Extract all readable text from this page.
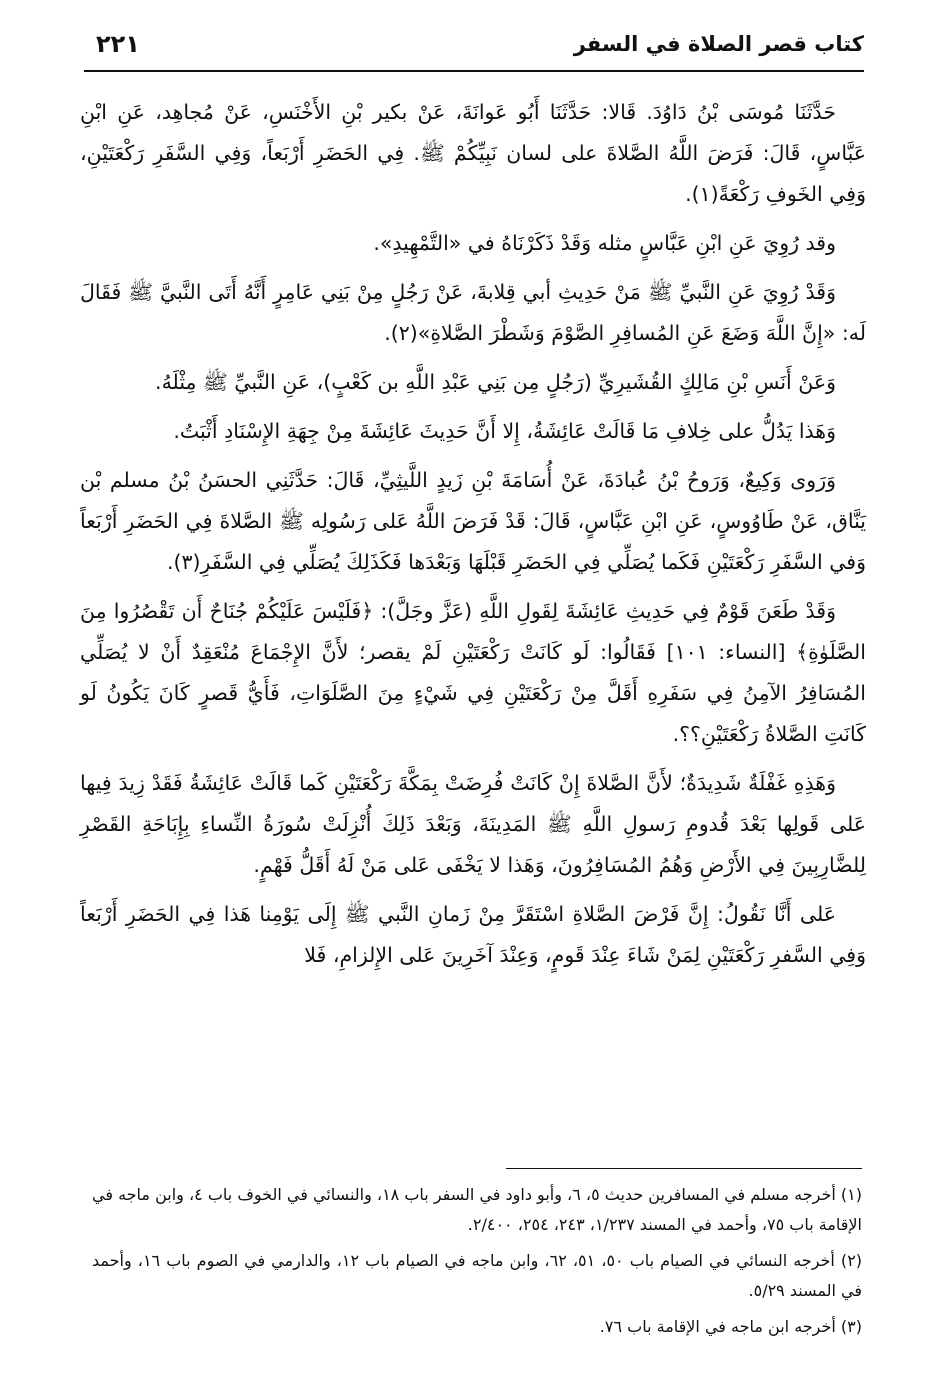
كتاب قصر الصلاة في السفر
٢٢١

حَدَّثَنَا مُوسَى بْنُ دَاوُدَ. قَالا: حَدَّثَنَا أَبُو عَوانَةَ، عَنْ بكير بْنِ الأَخْنَسِ، عَنْ مُجاهِد، عَنِ ابْنِ عَبَّاسٍ، قَالَ: فَرَضَ اللَّهُ الصَّلاةَ على لسان نَبِيِّكُمْ ﷺ. فِي الحَضَرِ أَرْبَعاً، وَفِي السَّفَرِ رَكْعَتَيْنِ، وَفِي الخَوفِ رَكْعَةً(١).

وقد رُوِيَ عَنِ ابْنِ عَبَّاسٍ مثله وَقَدْ ذَكَرْنَاهُ في «التَّمْهِيدِ».

وَقَدْ رُوِيَ عَنِ النَّبيِّ ﷺ مَنْ حَدِيثِ أبي قِلابةَ، عَنْ رَجُلٍ مِنْ بَنِي عَامِرٍ أَنَّهُ أَتَى النَّبيَّ ﷺ فَقَالَ لَه: «إِنَّ اللَّهَ وَضَعَ عَنِ المُسافِرِ الصَّوْمَ وَشَطْرَ الصَّلاةِ»(٢).

وَعَنْ أَنَسِ بْنِ مَالِكٍ القُشَيرِيِّ (رَجُلٍ مِن بَنِي عَبْدِ اللَّهِ بن كَعْبٍ)، عَنِ النَّبيِّ ﷺ مِثْلَهُ.

وَهَذا يَدُلُّ على خِلافِ مَا قَالَتْ عَائِشَةُ، إِلا أَنَّ حَدِيثَ عَائِشَةَ مِنْ جِهَةِ الإِسْنَادِ أَثْبَتُ.

وَرَوى وَكِيعٌ، وَرَوحُ بْنُ عُبادَةَ، عَنْ أُسَامَةَ بْنِ زَيدٍ اللَّيثِيِّ، قَالَ: حَدَّثَنِي الحسَنُ بْنُ مسلم بْن يَنَّاق، عَنْ طَاوُوسٍ، عَنِ ابْنِ عَبَّاسٍ، قَالَ: قَدْ فَرَضَ اللَّهُ عَلى رَسُولِه ﷺ الصَّلاةَ فِي الحَضَرِ أَرْبَعاً وَفي السَّفَرِ رَكْعَتَيْنِ فَكَما يُصَلِّي فِي الحَضَرِ قَبْلَهَا وَبَعْدَها فَكَذَلِكَ يُصَلِّي فِي السَّفَرِ(٣).

وَقَدْ طَعَنَ قَوْمٌ فِي حَدِيثِ عَائِشَةَ لِقَولِ اللَّهِ (عَزَّ وجَلَّ): ﴿فَلَيْسَ عَلَيْكُمْ جُنَاحٌ أَن تَقْصُرُوا مِنَ الصَّلَوٰةِ﴾ [النساء: ١٠١] فَقَالُوا: لَو كَانَتْ رَكْعَتَيْنِ لَمْ يقصر؛ لأَنَّ الإِجْمَاعَ مُنْعَقِدٌ أَنْ لا يُصَلِّي المُسَافِرُ الآمِنُ فِي سَفَرِهِ أَقَلَّ مِنْ رَكْعَتَيْنِ فِي شَيْءٍ مِنَ الصَّلَوَاتِ، فَأَيُّ قَصرٍ كَانَ يَكُونُ لَو كَانَتِ الصَّلاةُ رَكْعَتَيْنِ؟؟.

وَهَذِهِ غَفْلَةٌ شَدِيدَةٌ؛ لأَنَّ الصَّلاةَ إِنْ كَانَتْ فُرِضَتْ بِمَكَّةَ رَكْعَتَيْنِ كَما قَالَتْ عَائِشَةُ فَقَدْ زِيدَ فِيها عَلى قَولِها بَعْدَ قُدومِ رَسولِ اللَّهِ ﷺ المَدِينَةَ، وَبَعْدَ ذَلِكَ أُنْزِلَتْ سُورَةُ النِّساءِ بِإِبَاحَةِ القَصْرِ لِلضَّارِبِينَ فِي الأَرْضِ وَهُمُ المُسَافِرُونَ، وَهَذا لا يَخْفَى عَلى مَنْ لَهُ أَقَلُّ فَهْمٍ.

عَلى أَنَّا نَقُولُ: إِنَّ فَرْضَ الصَّلاةِ اسْتَقَرَّ مِنْ زَمانِ النَّبي ﷺ إِلَى يَوْمِنا هَذا فِي الحَضَرِ أَرْبَعاً وَفِي السَّفرِ رَكْعَتَيْنِ لِمَنْ شَاءَ عِنْدَ قَومٍ، وَعِنْدَ آخَرِينَ عَلى الإِلزامِ، فَلا

(١) أخرجه مسلم في المسافرين حديث ٥، ٦، وأبو داود في السفر باب ١٨، والنسائي في الخوف باب ٤، وابن ماجه في الإقامة باب ٧٥، وأحمد في المسند ١/٢٣٧، ٢٤٣، ٢٥٤، ٢/٤٠٠.

(٢) أخرجه النسائي في الصيام باب ٥٠، ٥١، ٦٢، وابن ماجه في الصيام باب ١٢، والدارمي في الصوم باب ١٦، وأحمد في المسند ٥/٢٩.

(٣) أخرجه ابن ماجه في الإقامة باب ٧٦.
